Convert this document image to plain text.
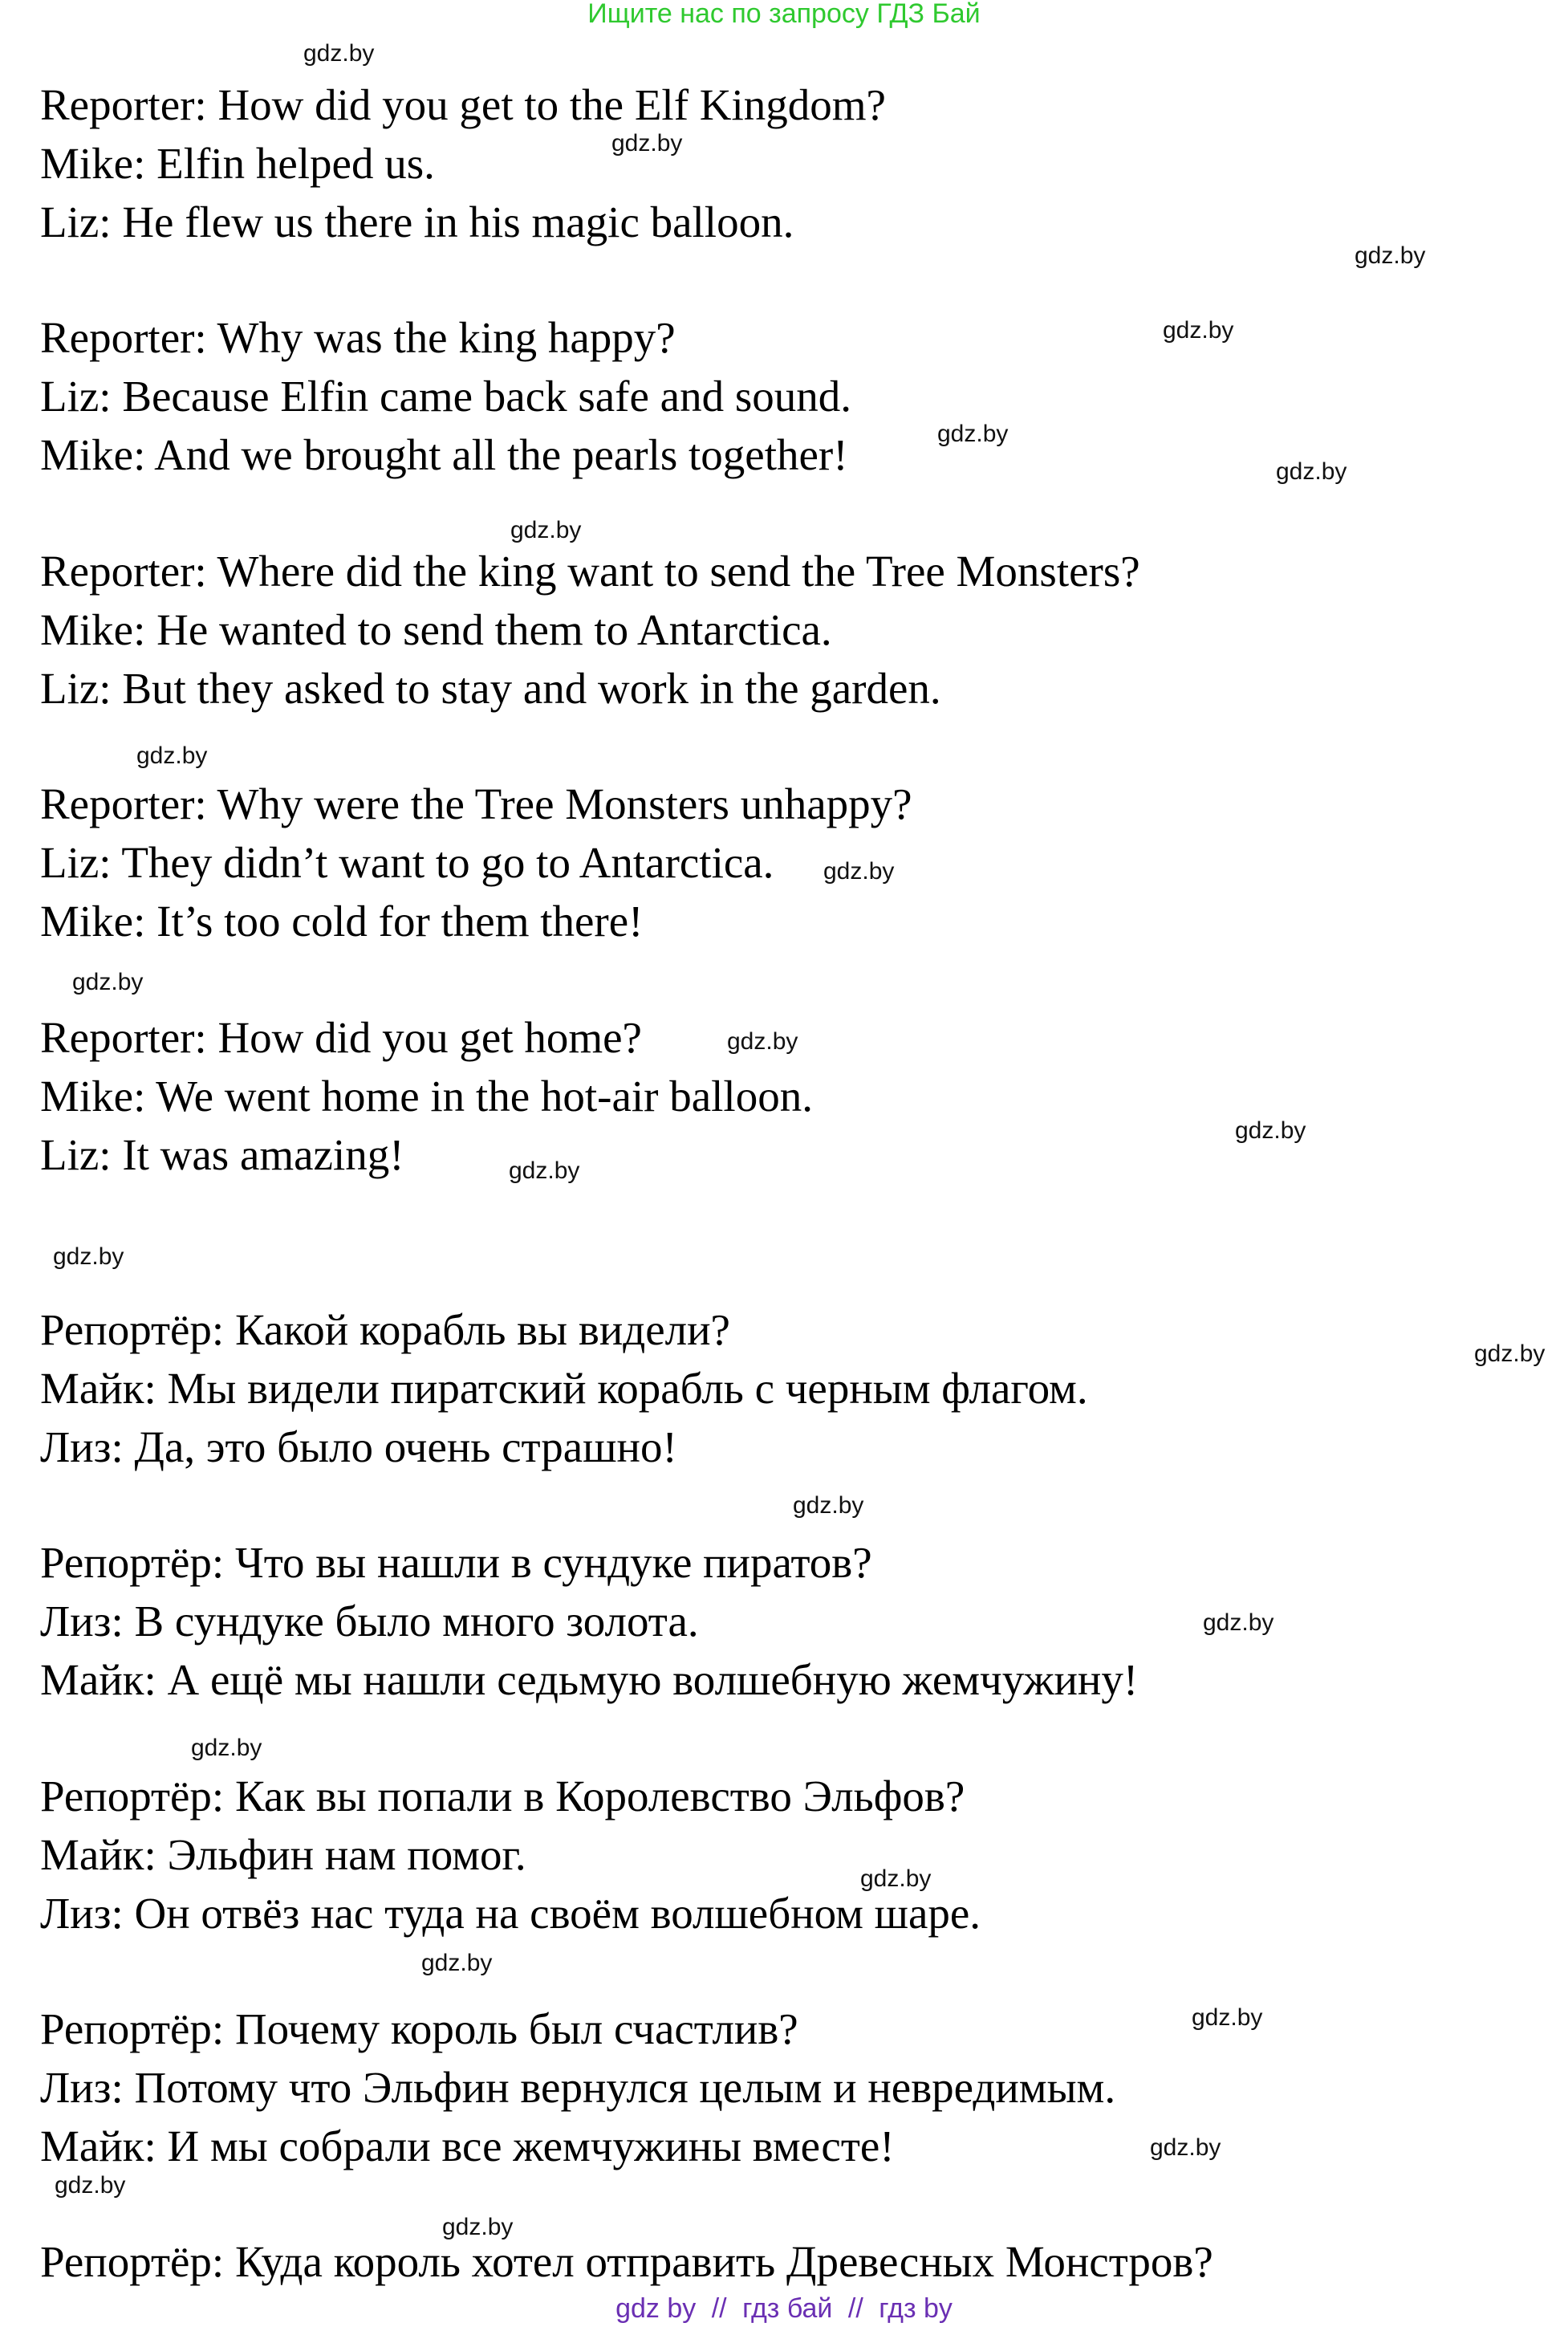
Ищите нас по запросу ГДЗ Бай
Reporter: How did you get to the Elf Kingdom?
Mike: Elfin helped us.
Liz: He flew us there in his magic balloon.
Reporter: Why was the king happy?
Liz: Because Elfin came back safe and sound.
Mike: And we brought all the pearls together!
Reporter: Where did the king want to send the Tree Monsters?
Mike: He wanted to send them to Antarctica.
Liz: But they asked to stay and work in the garden.
Reporter: Why were the Tree Monsters unhappy?
Liz: They didn’t want to go to Antarctica.
Mike: It’s too cold for them there!
Reporter: How did you get home?
Mike: We went home in the hot-air balloon.
Liz: It was amazing!
Репортёр: Какой корабль вы видели?
Майк: Мы видели пиратский корабль с черным флагом.
Лиз: Да, это было очень страшно!
Репортёр: Что вы нашли в сундуке пиратов?
Лиз: В сундуке было много золота.
Майк: А ещё мы нашли седьмую волшебную жемчужину!
Репортёр: Как вы попали в Королевство Эльфов?
Майк: Эльфин нам помог.
Лиз: Он отвёз нас туда на своём волшебном шаре.
Репортёр: Почему король был счастлив?
Лиз: Потому что Эльфин вернулся целым и невредимым.
Майк: И мы собрали все жемчужины вместе!
Репортёр: Куда король хотел отправить Древесных Монстров?
gdz.by
gdz.by
gdz.by
gdz.by
gdz.by
gdz.by
gdz.by
gdz.by
gdz.by
gdz.by
gdz.by
gdz.by
gdz.by
gdz.by
gdz.by
gdz.by
gdz.by
gdz.by
gdz.by
gdz.by
gdz.by
gdz.by
gdz.by
gdz.by
gdz by // гдз бай // гдз by
